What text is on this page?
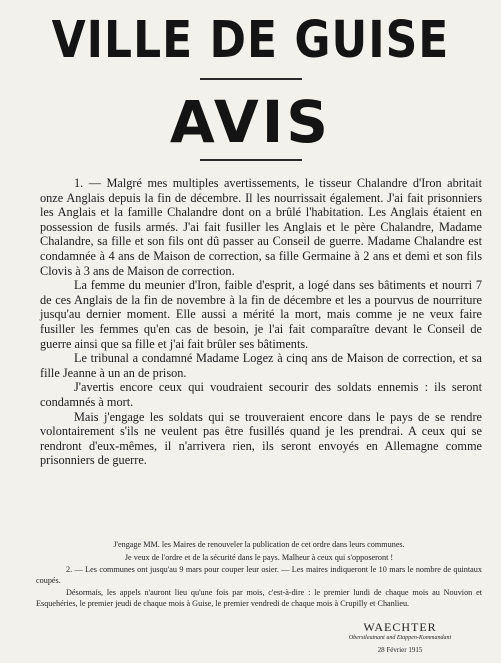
VILLE DE GUISE
AVIS

1. — Malgré mes multiples avertissements, le tisseur Chalandre d'Iron abritait onze Anglais depuis la fin de décembre. Il les nourrissait également. J'ai fait prisonniers les Anglais et la famille Chalandre dont on a brûlé l'habitation. Les Anglais étaient en possession de fusils armés. J'ai fait fusiller les Anglais et le père Chalandre, Madame Chalandre, sa fille et son fils ont dû passer au Conseil de guerre. Madame Chalandre est condamnée à 4 ans de Maison de correction, sa fille Germaine à 2 ans et demi et son fils Clovis à 3 ans de Maison de correction.

La femme du meunier d'Iron, faible d'esprit, a logé dans ses bâtiments et nourri 7 de ces Anglais de la fin de novembre à la fin de décembre et les a pourvus de nourriture jusqu'au dernier moment. Elle aussi a mérité la mort, mais comme je ne veux faire fusiller les femmes qu'en cas de besoin, je l'ai fait comparaître devant le Conseil de guerre ainsi que sa fille et j'ai fait brûler ses bâtiments.

Le tribunal a condamné Madame Logez à cinq ans de Maison de correction, et sa fille Jeanne à un an de prison.

J'avertis encore ceux qui voudraient secourir des soldats ennemis : ils seront condamnés à mort.

Mais j'engage les soldats qui se trouveraient encore dans le pays de se rendre volontairement s'ils ne veulent pas être fusillés quand je les prendrai. A ceux qui se rendront d'eux-mêmes, il n'arrivera rien, ils seront envoyés en Allemagne comme prisonniers de guerre.

J'engage MM. les Maires de renouveler la publication de cet ordre dans leurs communes.

Je veux de l'ordre et de la sécurité dans le pays. Malheur à ceux qui s'opposeront !

2. — Les communes ont jusqu'au 9 mars pour couper leur osier. — Les maires indiqueront le 10 mars le nombre de quintaux coupés.

Désormais, les appels n'auront lieu qu'une fois par mois, c'est-à-dire : le premier lundi de chaque mois au Nouvion et Esquehéries, le premier jeudi de chaque mois à Guise, le premier vendredi de chaque mois à Crupilly et Chanlieu.

WAECHTER
Oberstleutnant und Etappen-Kommandant
28 Février 1915
